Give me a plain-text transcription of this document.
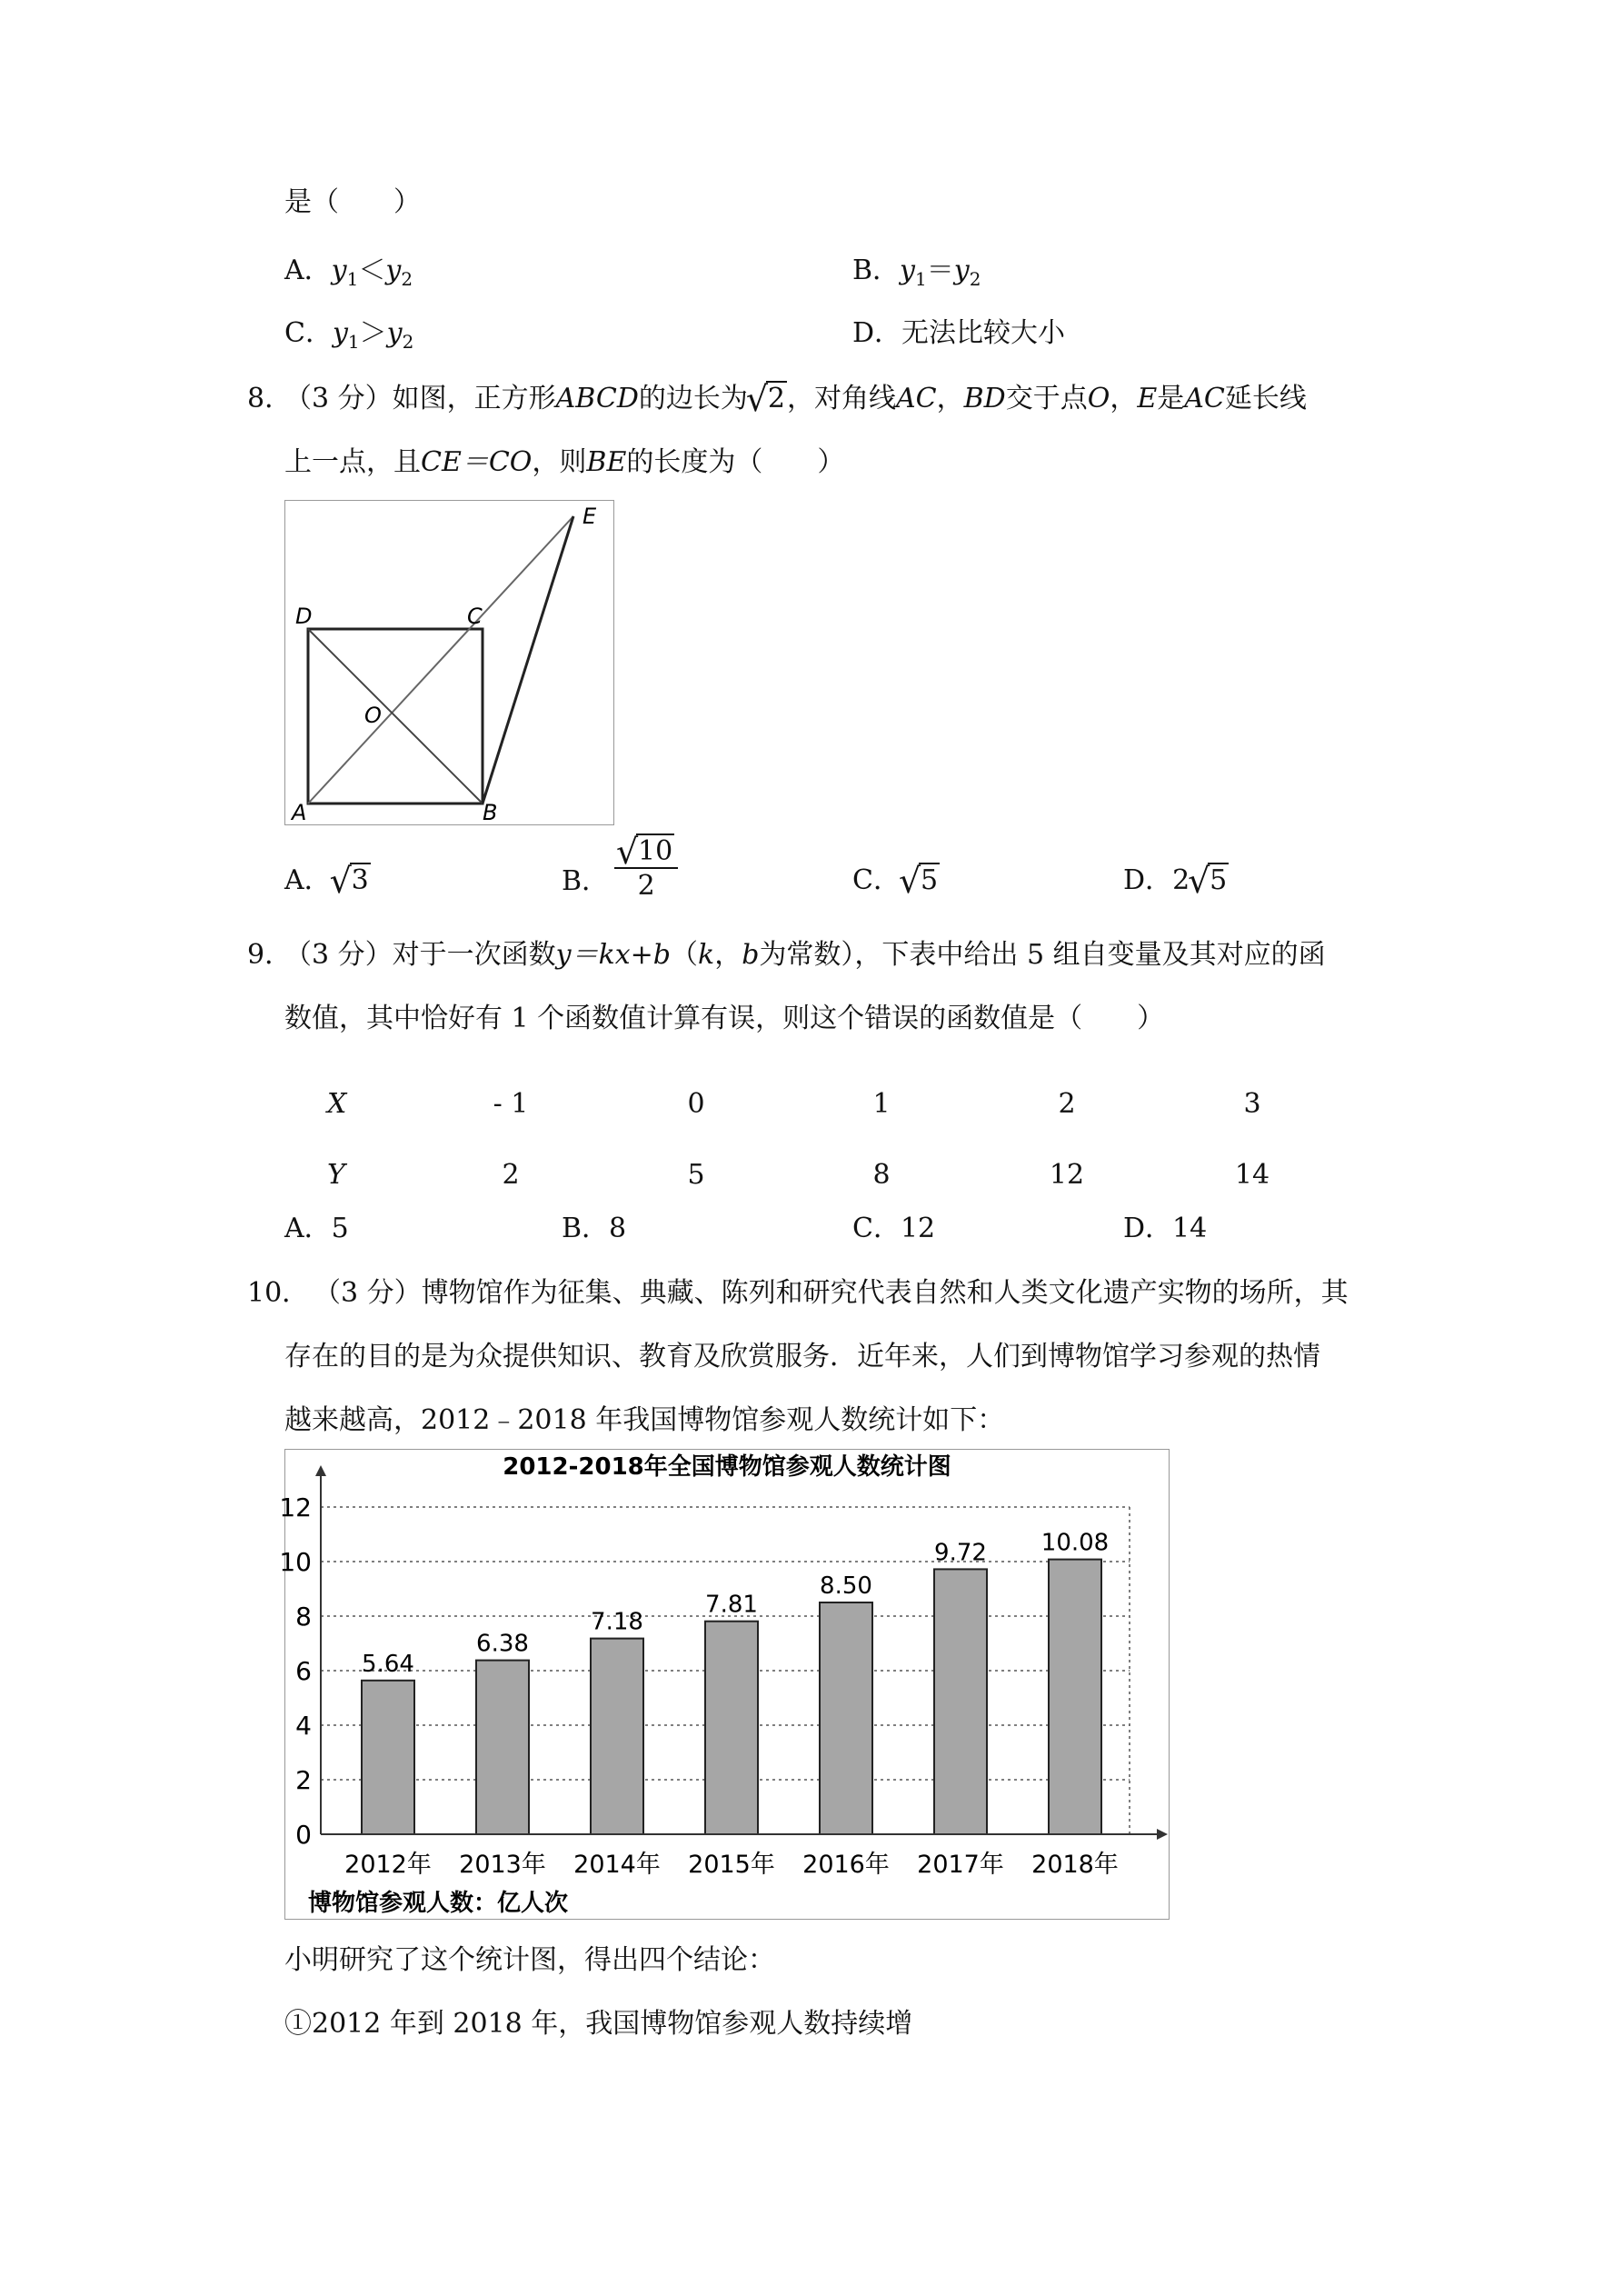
是（　　）
A．$y_1<y_2$	B．$y_1=y_2$
C．$y_1>y_2$	D．无法比较大小
8．
（3 分）如图，正方形ABCD的边长为 √ 2，对角线AC，BD交于点O，E是AC延长线
上一点，且CE＝CO，则BE的长度为（　　）
A	B
C
D
O
E
A． √ 3	B． √ $\frac{10}{2}$	C． √ 5	D．2 √ 5
9．
（3 分）对于一次函数y＝kx+b（k，b为常数），下表中给出 5 组自变量及其对应的函
数值，其中恰好有 1 个函数值计算有误，则这个错误的函数值是（　　）
X	- 1	0	1	2	3
Y	2	5	8	12	14
A．5	B．8	C．12	D．14
10． （3 分）博物馆作为征集、典藏、陈列和研究代表自然和人类文化遗产实物的场所，其
存在的目的是为众提供知识、教育及欣赏服务．近年来，人们到博物馆学习参观的热情
越来越高，2012﹣2018 年我国博物馆参观人数统计如下：
2012-2018年全国博物馆参观人数统计图
5.64
6.38
7.18
7.81
8.50
9.72 10.08
0
2
4
6
8
10
12
2012年 2013年 2014年 2015年 2016年 2017年 2018年
博物馆参观人数：亿人次
小明研究了这个统计图，得出四个结论：
①2012 年到 2018 年，我国博物馆参观人数持续增
